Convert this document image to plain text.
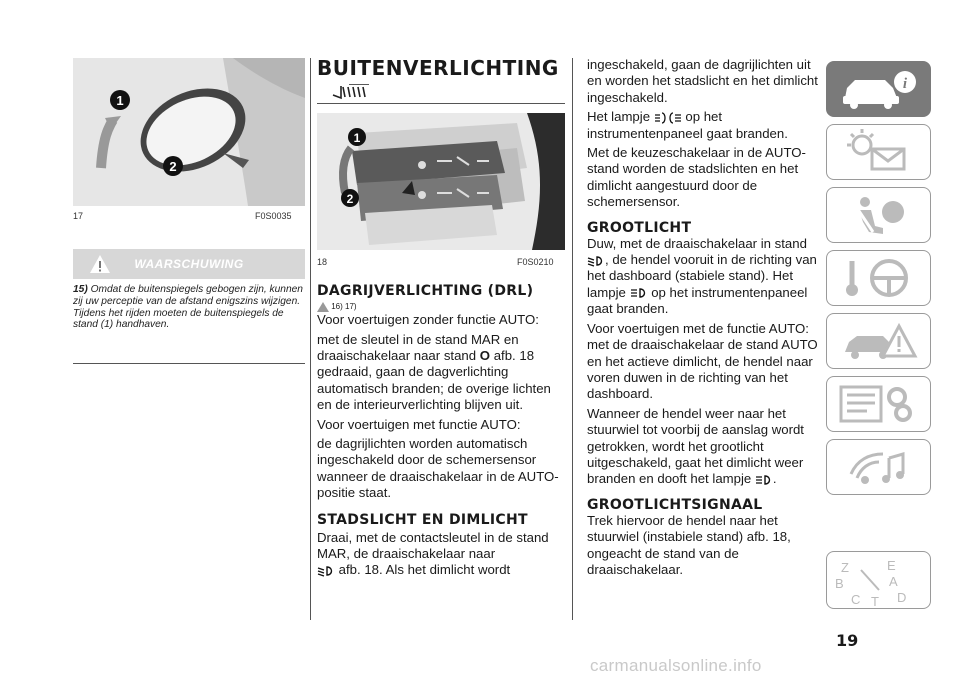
1
2
17	F0S0035
WAARSCHUWING
15) Omdat de buitenspiegels gebogen zijn, kunnen zij uw perceptie van de afstand enigszins wijzigen. Tijdens het rijden moeten de buitenspiegels de stand (1) handhaven.
BUITENVERLICHTING
1
2
18	F0S0210
DAGRIJVERLICHTING (DRL)
16) 17)
Voor voertuigen zonder functie AUTO:
met de sleutel in de stand MAR en draaischakelaar naar stand O afb. 18 gedraaid, gaan de dagverlichting automatisch branden; de overige lichten en de interieurverlichting blijven uit.
Voor voertuigen met functie AUTO:
de dagrijlichten worden automatisch ingeschakeld door de schemersensor wanneer de draaischakelaar in de AUTO-positie staat.
STADSLICHT EN DIMLICHT
Draai, met de contactsleutel in de stand MAR, de draaischakelaar naar
afb. 18. Als het dimlicht wordt
ingeschakeld, gaan de dagrijlichten uit en worden het stadslicht en het dimlicht ingeschakeld.
Het lampje	op het instrumentenpaneel gaat branden.
Met de keuzeschakelaar in de AUTO-stand worden de stadslichten en het dimlicht aangestuurd door de schemersensor.
GROOTLICHT
Duw, met de draaischakelaar in stand
, de hendel vooruit in de richting van het dashboard (stabiele stand). Het lampje op het instrumentenpaneel gaat branden.
Voor voertuigen met de functie AUTO: met de draaischakelaar de stand AUTO en het actieve dimlicht, de hendel naar voren duwen in de richting van het dashboard.
Wanneer de hendel weer naar het stuurwiel tot voorbij de aanslag wordt getrokken, wordt het grootlicht uitgeschakeld, gaat het dimlicht weer branden en dooft het lampje .
GROOTLICHTSIGNAAL
Trek hiervoor de hendel naar het stuurwiel (instabiele stand) afb. 18, ongeacht de stand van de draaischakelaar.
i
Z	E
B	A
C T D
19
carmanualsonline.info
